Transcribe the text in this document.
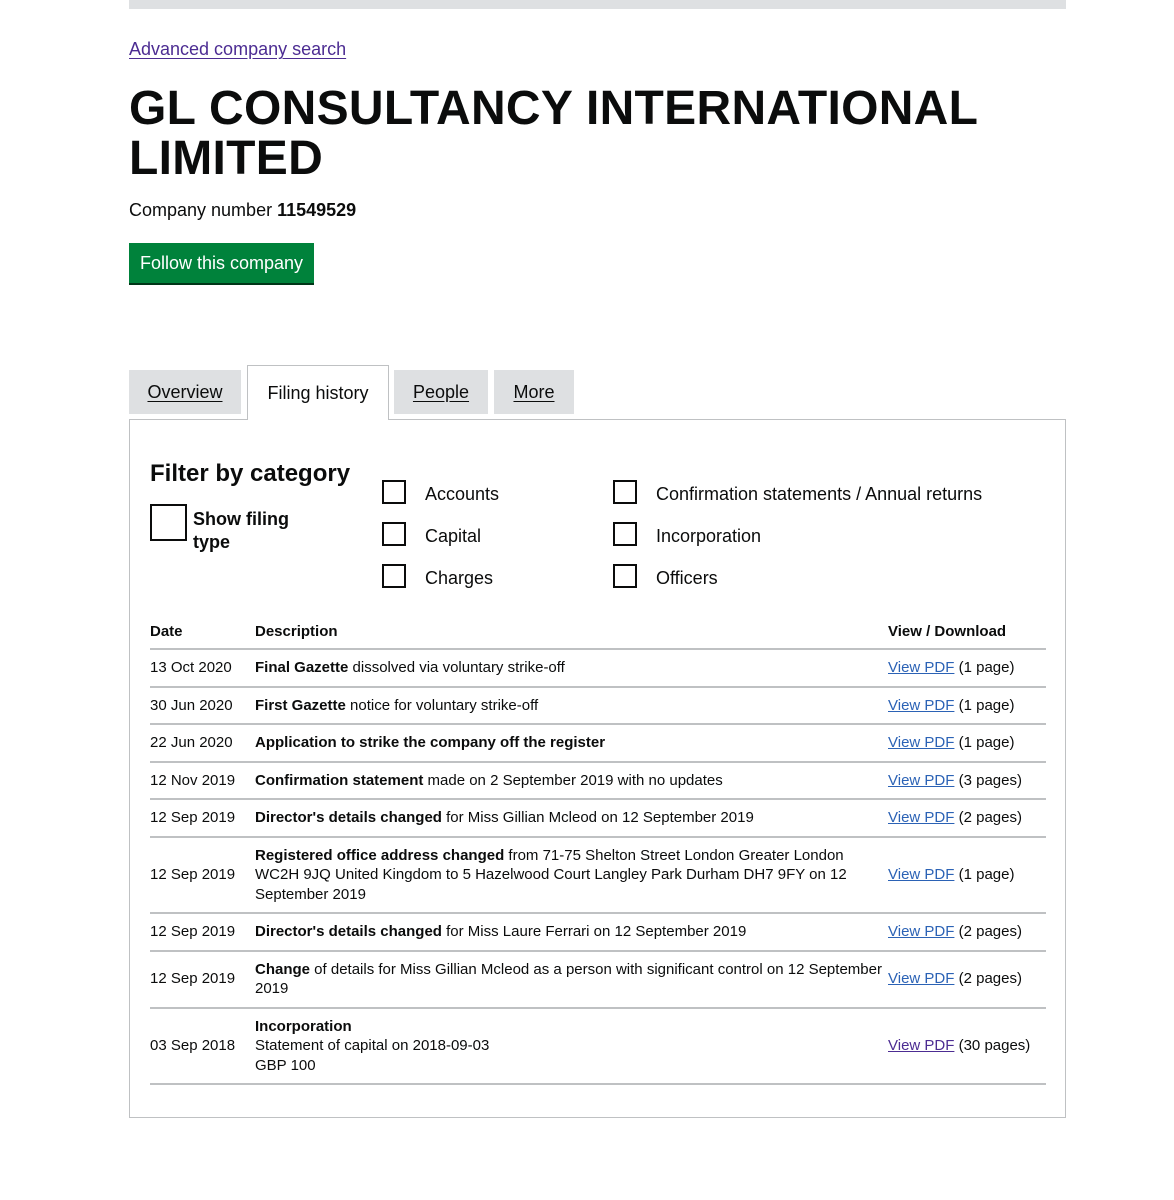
Advanced company search
GL CONSULTANCY INTERNATIONAL LIMITED
Company number 11549529
Follow this company
Overview	Filing history	People	More
Filter by category
Show filing type
Accounts
Capital
Charges
Confirmation statements / Annual returns
Incorporation
Officers
Date	Description	View / Download
13 Oct 2020	Final Gazette dissolved via voluntary strike-off	View PDF (1 page)
30 Jun 2020	First Gazette notice for voluntary strike-off	View PDF (1 page)
22 Jun 2020	Application to strike the company off the register	View PDF (1 page)
12 Nov 2019	Confirmation statement made on 2 September 2019 with no updates	View PDF (3 pages)
12 Sep 2019	Director's details changed for Miss Gillian Mcleod on 12 September 2019	View PDF (2 pages)
12 Sep 2019	Registered office address changed from 71-75 Shelton Street London Greater London WC2H 9JQ United Kingdom to 5 Hazelwood Court Langley Park Durham DH7 9FY on 12 September 2019	View PDF (1 page)
12 Sep 2019	Director's details changed for Miss Laure Ferrari on 12 September 2019	View PDF (2 pages)
12 Sep 2019	Change of details for Miss Gillian Mcleod as a person with significant control on 12 September 2019	View PDF (2 pages)
03 Sep 2018	Incorporation
Statement of capital on 2018-09-03
GBP 100	View PDF (30 pages)
